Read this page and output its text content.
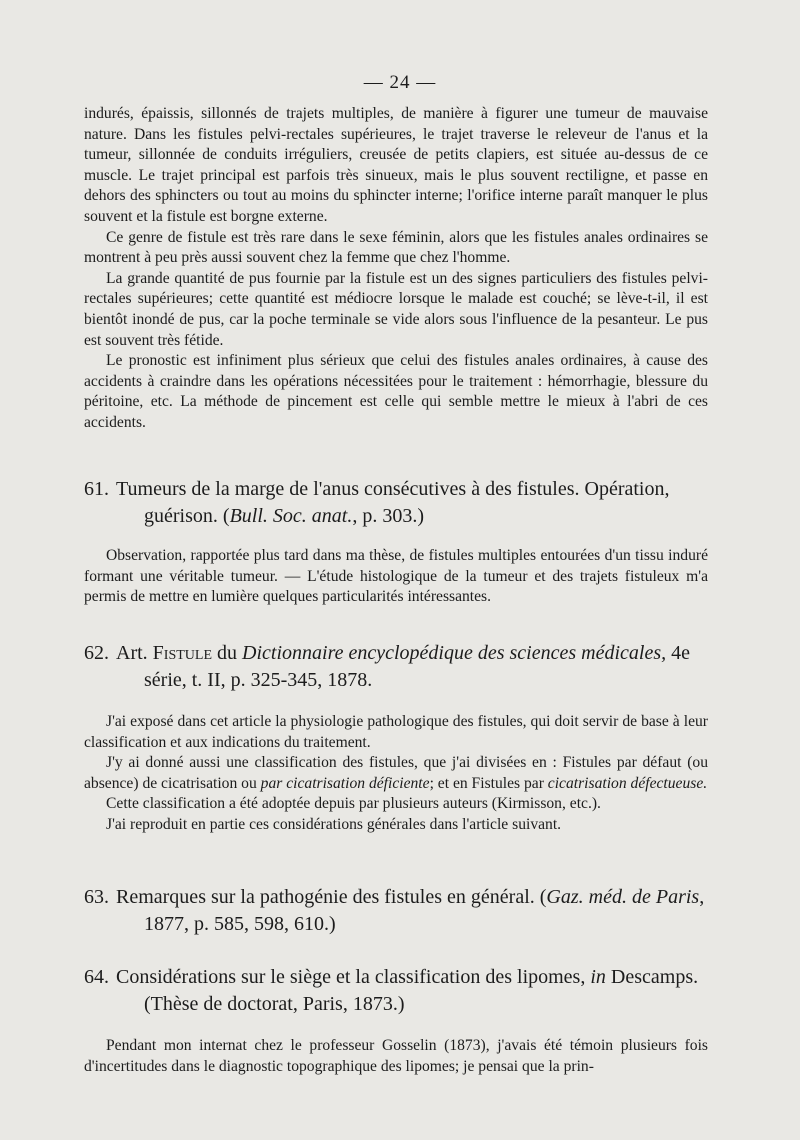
— 24 —

indurés, épaissis, sillonnés de trajets multiples, de manière à figurer une tumeur de mauvaise nature. Dans les fistules pelvi-rectales supérieures, le trajet traverse le releveur de l'anus et la tumeur, sillonnée de conduits irréguliers, creusée de petits clapiers, est située au-dessus de ce muscle. Le trajet principal est parfois très sinueux, mais le plus souvent rectiligne, et passe en dehors des sphincters ou tout au moins du sphincter interne; l'orifice interne paraît manquer le plus souvent et la fistule est borgne externe.

Ce genre de fistule est très rare dans le sexe féminin, alors que les fistules anales ordinaires se montrent à peu près aussi souvent chez la femme que chez l'homme.

La grande quantité de pus fournie par la fistule est un des signes particuliers des fistules pelvi-rectales supérieures; cette quantité est médiocre lorsque le malade est couché; se lève-t-il, il est bientôt inondé de pus, car la poche terminale se vide alors sous l'influence de la pesanteur. Le pus est souvent très fétide.

Le pronostic est infiniment plus sérieux que celui des fistules anales ordinaires, à cause des accidents à craindre dans les opérations nécessitées pour le traitement : hémorrhagie, blessure du péritoine, etc. La méthode de pincement est celle qui semble mettre le mieux à l'abri de ces accidents.

61. Tumeurs de la marge de l'anus consécutives à des fistules. Opération, guérison. (Bull. Soc. anat., p. 303.)

Observation, rapportée plus tard dans ma thèse, de fistules multiples entourées d'un tissu induré formant une véritable tumeur. — L'étude histologique de la tumeur et des trajets fistuleux m'a permis de mettre en lumière quelques particularités intéressantes.

62. Art. Fistule du Dictionnaire encyclopédique des sciences médicales, 4e série, t. II, p. 325-345, 1878.

J'ai exposé dans cet article la physiologie pathologique des fistules, qui doit servir de base à leur classification et aux indications du traitement.

J'y ai donné aussi une classification des fistules, que j'ai divisées en : Fistules par défaut (ou absence) de cicatrisation ou par cicatrisation déficiente; et en Fistules par cicatrisation défectueuse.

Cette classification a été adoptée depuis par plusieurs auteurs (Kirmisson, etc.).

J'ai reproduit en partie ces considérations générales dans l'article suivant.

63. Remarques sur la pathogénie des fistules en général. (Gaz. méd. de Paris, 1877, p. 585, 598, 610.)

64. Considérations sur le siège et la classification des lipomes, in Descamps. (Thèse de doctorat, Paris, 1873.)

Pendant mon internat chez le professeur Gosselin (1873), j'avais été témoin plusieurs fois d'incertitudes dans le diagnostic topographique des lipomes; je pensai que la prin-
